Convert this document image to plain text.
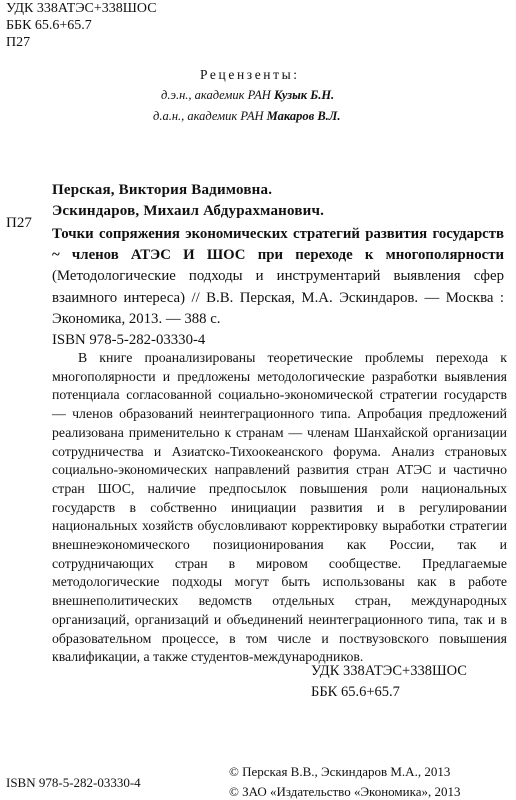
УДК 338АТЭС+338ШОС
ББК 65.6+65.7
П27
Рецензенты:
д.э.н., академик РАН Кузык Б.Н.
д.а.н., академик РАН Макаров В.Л.
П27
Перская, Виктория Вадимовна.
Эскиндаров, Михаил Абдурахманович.
Точки сопряжения экономических стратегий развития государств ~ членов АТЭС И ШОС при переходе к многополярности (Методологические подходы и инструментарий выявления сфер взаимного интереса) // В.В. Перская, М.А. Эскиндаров. — Москва : Экономика, 2013. — 388 с.
ISBN 978-5-282-03330-4
В книге проанализированы теоретические проблемы перехода к многополярности и предложены методологические разработки выявления потенциала согласованной социально-экономической стратегии государств — членов образований неинтеграционного типа. Апробация предложений реализована применительно к странам — членам Шанхайской организации сотрудничества и Азиатско-Тихоокеанского форума. Анализ страновых социально-экономических направлений развития стран АТЭС и частично стран ШОС, наличие предпосылок повышения роли национальных государств в собственно инициации развития и в регулировании национальных хозяйств обусловливают корректировку выработки стратегии внешнеэкономического позиционирования как России, так и сотрудничающих стран в мировом сообществе. Предлагаемые методологические подходы могут быть использованы как в работе внешнеполитических ведомств отдельных стран, международных организаций, организаций и объединений неинтеграционного типа, так и в образовательном процессе, в том числе и поствузовского повышения квалификации, а также студентов-международников.
УДК 338АТЭС+338ШОС
ББК 65.6+65.7
ISBN 978-5-282-03330-4
© Перская В.В., Эскиндаров М.А., 2013
© ЗАО «Издательство «Экономика», 2013
